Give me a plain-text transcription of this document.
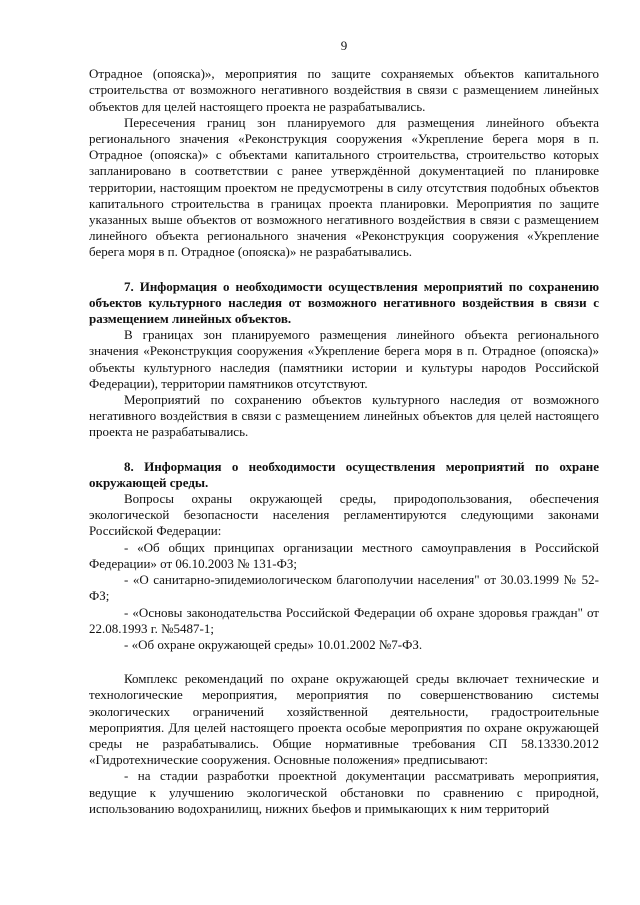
9

Отрадное (опояска)», мероприятия по защите сохраняемых объектов капитального строительства от возможного негативного воздействия в связи с размещением линейных объектов для целей настоящего проекта не разрабатывались.

Пересечения границ зон планируемого для размещения линейного объекта регионального значения «Реконструкция сооружения «Укрепление берега моря в п. Отрадное (опояска)» с объектами капитального строительства, строительство которых запланировано в соответствии с ранее утверждённой документацией по планировке территории, настоящим проектом не предусмотрены в силу отсутствия подобных объектов капитального строительства в границах проекта планировки. Мероприятия по защите указанных выше объектов от возможного негативного воздействия в связи с размещением линейного объекта регионального значения «Реконструкция сооружения «Укрепление берега моря в п. Отрадное (опояска)» не разрабатывались.

7. Информация о необходимости осуществления мероприятий по сохранению объектов культурного наследия от возможного негативного воздействия в связи с размещением линейных объектов.

В границах зон планируемого размещения линейного объекта регионального значения «Реконструкция сооружения «Укрепление берега моря в п. Отрадное (опояска)» объекты культурного наследия (памятники истории и культуры народов Российской Федерации), территории памятников отсутствуют.

Мероприятий по сохранению объектов культурного наследия от возможного негативного воздействия в связи с размещением линейных объектов для целей настоящего проекта не разрабатывались.

8. Информация о необходимости осуществления мероприятий по охране окружающей среды.

Вопросы охраны окружающей среды, природопользования, обеспечения экологической безопасности населения регламентируются следующими законами Российской Федерации:

- «Об общих принципах организации местного самоуправления в Российской Федерации» от 06.10.2003 № 131-ФЗ;

- «О санитарно-эпидемиологическом благополучии населения" от 30.03.1999 № 52-ФЗ;

- «Основы законодательства Российской Федерации об охране здоровья граждан" от 22.08.1993 г. №5487-1;

- «Об охране окружающей среды» 10.01.2002 №7-ФЗ.

Комплекс рекомендаций по охране окружающей среды включает технические и технологические мероприятия, мероприятия по совершенствованию системы экологических ограничений хозяйственной деятельности, градостроительные мероприятия. Для целей настоящего проекта особые мероприятия по охране окружающей среды не разрабатывались. Общие нормативные требования СП 58.13330.2012 «Гидротехнические сооружения. Основные положения» предписывают:

- на стадии разработки проектной документации рассматривать мероприятия, ведущие к улучшению экологической обстановки по сравнению с природной, использованию водохранилищ, нижних бьефов и примыкающих к ним территорий
